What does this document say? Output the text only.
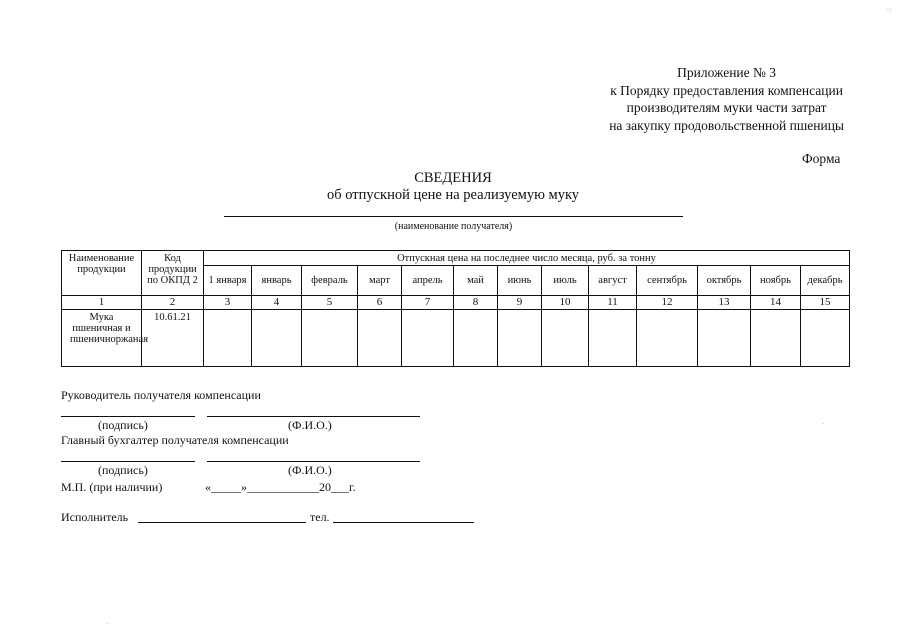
Приложение № 3
к Порядку предоставления компенсации
производителям муки части затрат
на закупку продовольственной пшеницы
Форма
СВЕДЕНИЯ
об отпускной цене на реализуемую муку
(наименование получателя)
Наименование продукции	Код продукции по ОКПД 2	Отпускная цена на последнее число месяца, руб. за тонну												
		1 января	январь	февраль	март	апрель	май	июнь	июль	август	сентябрь	октябрь	ноябрь	декабрь
1	2	3	4	5	6	7	8	9	10	11	12	13	14	15
Мука пшеничная и пшеничноржаная	10.61.21													
Руководитель получателя компенсации
(подпись)	(Ф.И.О.)
Главный бухгалтер получателя компенсации
(подпись)	(Ф.И.О.)
М.П. (при наличии)	«_____»____________20___г.
Исполнитель	тел.
·:·
·
·
